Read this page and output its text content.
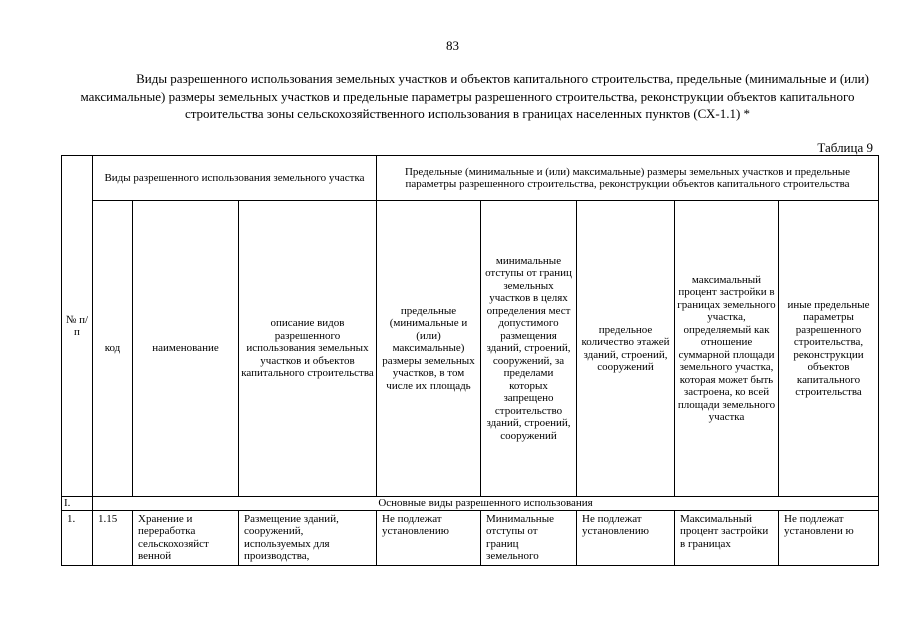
83
Виды разрешенного использования земельных участков и объектов капитального строительства, предельные (минимальные и (или) максимальные) размеры земельных участков и предельные параметры разрешенного строительства, реконструкции объектов капитального строительства зоны сельскохозяйственного использования в границах населенных пунктов (СХ-1.1) *
Таблица 9
№ п/п	Виды разрешенного использования земельного участка			Предельные (минимальные и (или) максимальные) размеры земельных участков и предельные параметры разрешенного строительства, реконструкции объектов капитального строительства				
	код	наименование	описание видов разрешенного использования земельных участков и объектов капитального строительства	предельные (минимальные и (или) максимальные) размеры земельных участков, в том числе их площадь	минимальные отступы от границ земельных участков в целях определения мест допустимого размещения зданий, строений, сооружений, за пределами которых запрещено строительство зданий, строений, сооружений	предельное количество этажей зданий, строений, сооружений	максимальный процент застройки в границах земельного участка, определяемый как отношение суммарной площади земельного участка, которая может быть застроена, ко всей площади земельного участка	иные предельные параметры разрешенного строительства, реконструкции объектов капитального строительства
I.	Основные виды разрешенного использования							
1.	1.15	Хранение и переработка сельскохозяйст венной	Размещение зданий, сооружений, используемых для производства,	Не подлежат установлению	Минимальные отступы от границ земельного	Не подлежат установлению	Максимальный процент застройки в границах	Не подлежат установлени ю
